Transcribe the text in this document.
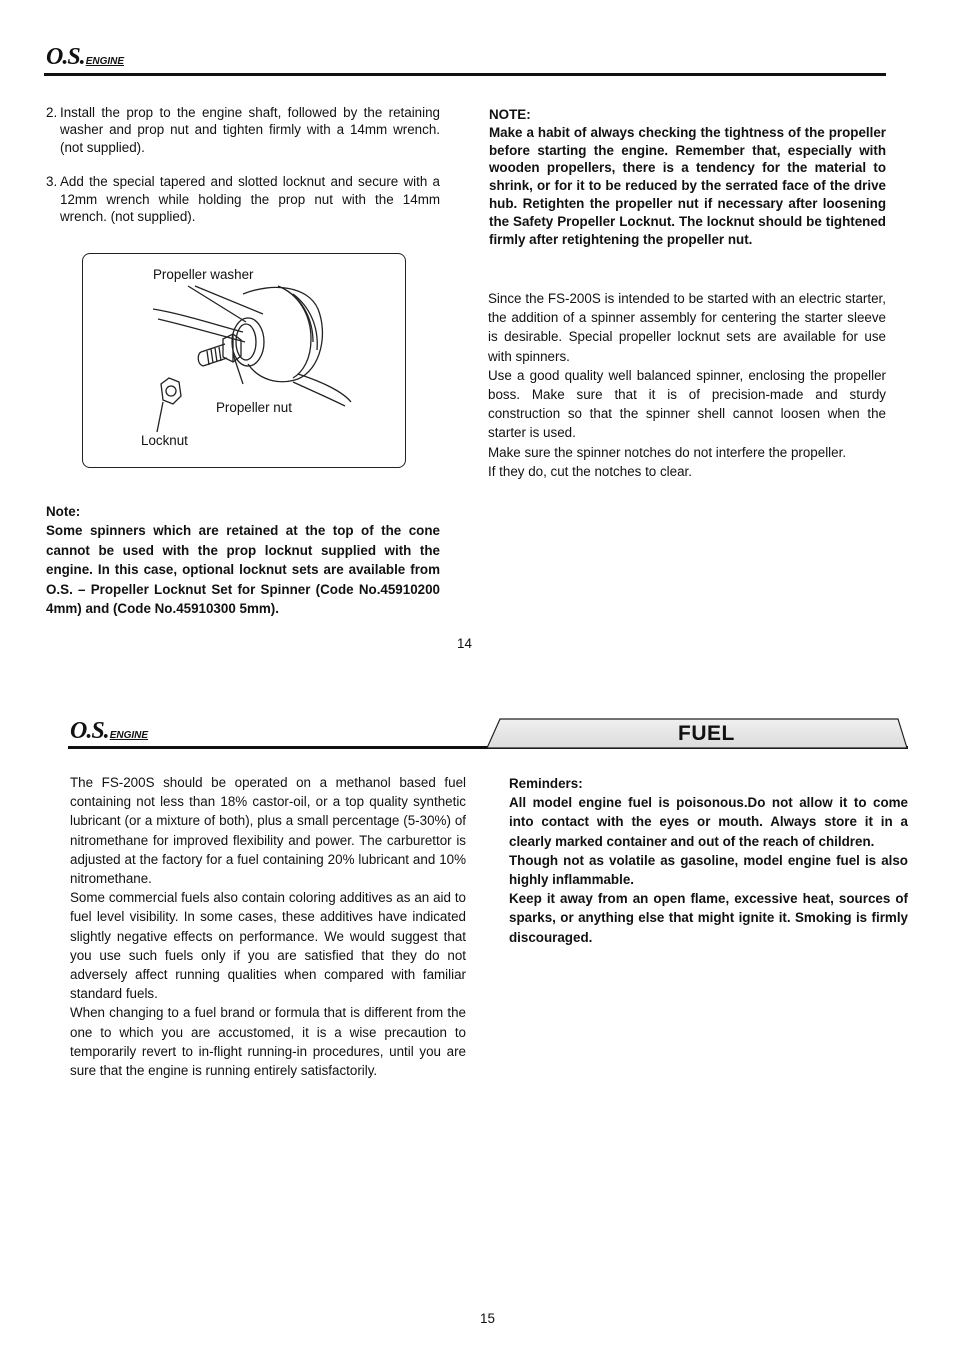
O.S.ENGINE
2. Install the prop to the engine shaft, followed by the retaining washer and prop nut and tighten firmly with a 14mm wrench. (not supplied).
3. Add the special tapered and slotted locknut and secure with a 12mm wrench while holding the prop nut with the 14mm wrench. (not supplied).
Propeller washer
Propeller nut
Locknut

Note:

Some spinners which are retained at the top of the cone cannot be used with the prop locknut supplied with the engine. In this case, optional locknut sets are available from O.S. – Propeller Locknut Set for Spinner (Code No.45910200 4mm) and (Code No.45910300 5mm).

NOTE:

Make a habit of always checking the tightness of the propeller before starting the engine. Remember that, especially with wooden propellers, there is a tendency for the material to shrink, or for it to be reduced by the serrated face of the drive hub. Retighten the propeller nut if necessary after loosening the Safety Propeller Locknut. The locknut should be tightened firmly after retightening the propeller nut.

Since the FS-200S is intended to be started with an electric starter, the addition of a spinner assembly for centering the starter sleeve is desirable. Special propeller locknut sets are available for use with spinners.

Use a good quality well balanced spinner, enclosing the propeller boss. Make sure that it is of precision-made and sturdy construction so that the spinner shell cannot loosen when the starter is used.

Make sure the spinner notches do not interfere the propeller.

If they do, cut the notches to clear.

14
O.S.ENGINE	FUEL

The FS-200S should be operated on a methanol based fuel containing not less than 18% castor-oil, or a top quality synthetic lubricant (or a mixture of both), plus a small percentage (5-30%) of nitromethane for improved flexibility and power. The carburettor is adjusted at the factory for a fuel containing 20% lubricant and 10% nitromethane.

Some commercial fuels also contain coloring additives as an aid to fuel level visibility. In some cases, these additives have indicated slightly negative effects on performance. We would suggest that you use such fuels only if you are satisfied that they do not adversely affect running qualities when compared with familiar standard fuels.

When changing to a fuel brand or formula that is different from the one to which you are accustomed, it is a wise precaution to temporarily revert to in-flight running-in procedures, until you are sure that the engine is running entirely satisfactorily.

Reminders:

All model engine fuel is poisonous.Do not allow it to come into contact with the eyes or mouth. Always store it in a clearly marked container and out of the reach of children.

Though not as volatile as gasoline, model engine fuel is also highly inflammable.

Keep it away from an open flame, excessive heat, sources of sparks, or anything else that might ignite it. Smoking is firmly discouraged.

15
